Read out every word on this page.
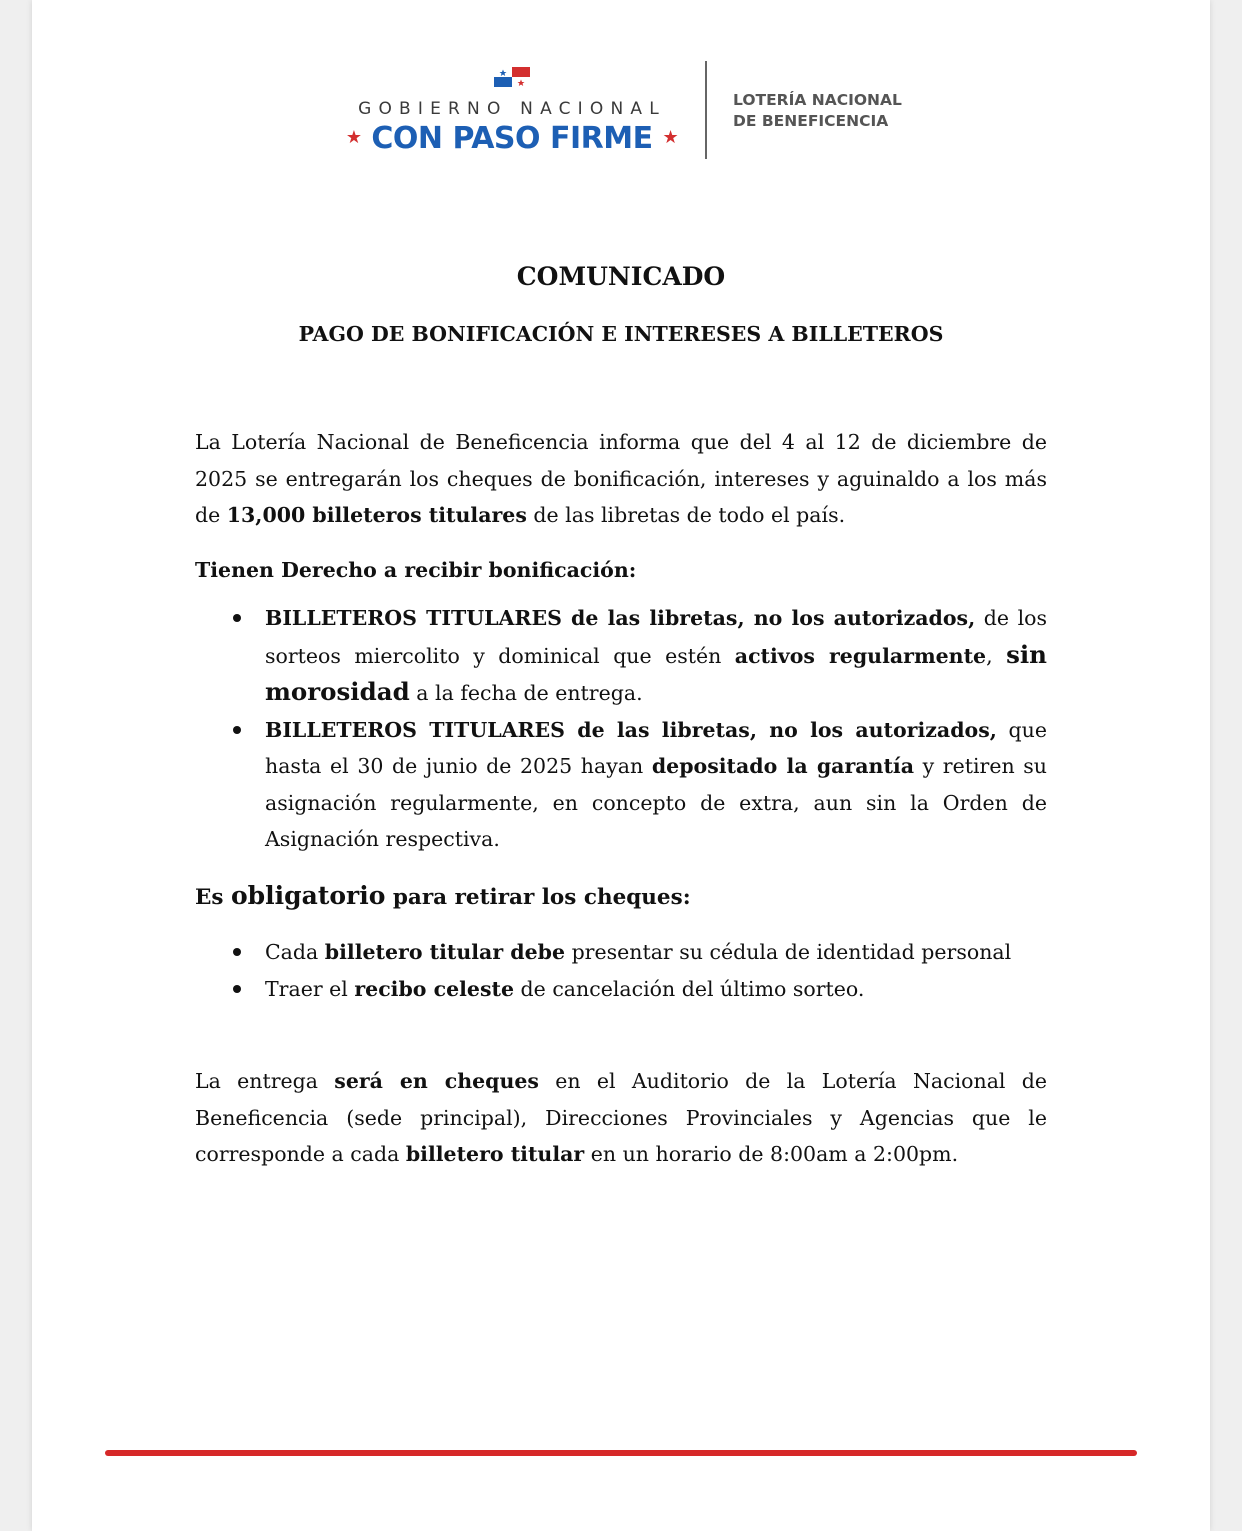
GOBIERNO NACIONAL
★ CON PASO FIRME ★
LOTERÍA NACIONAL
DE BENEFICENCIA
COMUNICADO
PAGO DE BONIFICACIÓN E INTERESES A BILLETEROS

La Lotería Nacional de Beneficencia informa que del 4 al 12 de diciembre de 2025 se entregarán los cheques de bonificación, intereses y aguinaldo a los más de 13,000 billeteros titulares de las libretas de todo el país.

Tienen Derecho a recibir bonificación:

BILLETEROS TITULARES de las libretas, no los autorizados, de los sorteos miercolito y dominical que estén activos regularmente, sin morosidad a la fecha de entrega.
BILLETEROS TITULARES de las libretas, no los autorizados, que hasta el 30 de junio de 2025 hayan depositado la garantía y retiren su asignación regularmente, en concepto de extra, aun sin la Orden de Asignación respectiva.

Es obligatorio para retirar los cheques:

Cada billetero titular debe presentar su cédula de identidad personal
Traer el recibo celeste de cancelación del último sorteo.

La entrega será en cheques en el Auditorio de la Lotería Nacional de Beneficencia (sede principal), Direcciones Provinciales y Agencias que le corresponde a cada billetero titular en un horario de 8:00am a 2:00pm.
